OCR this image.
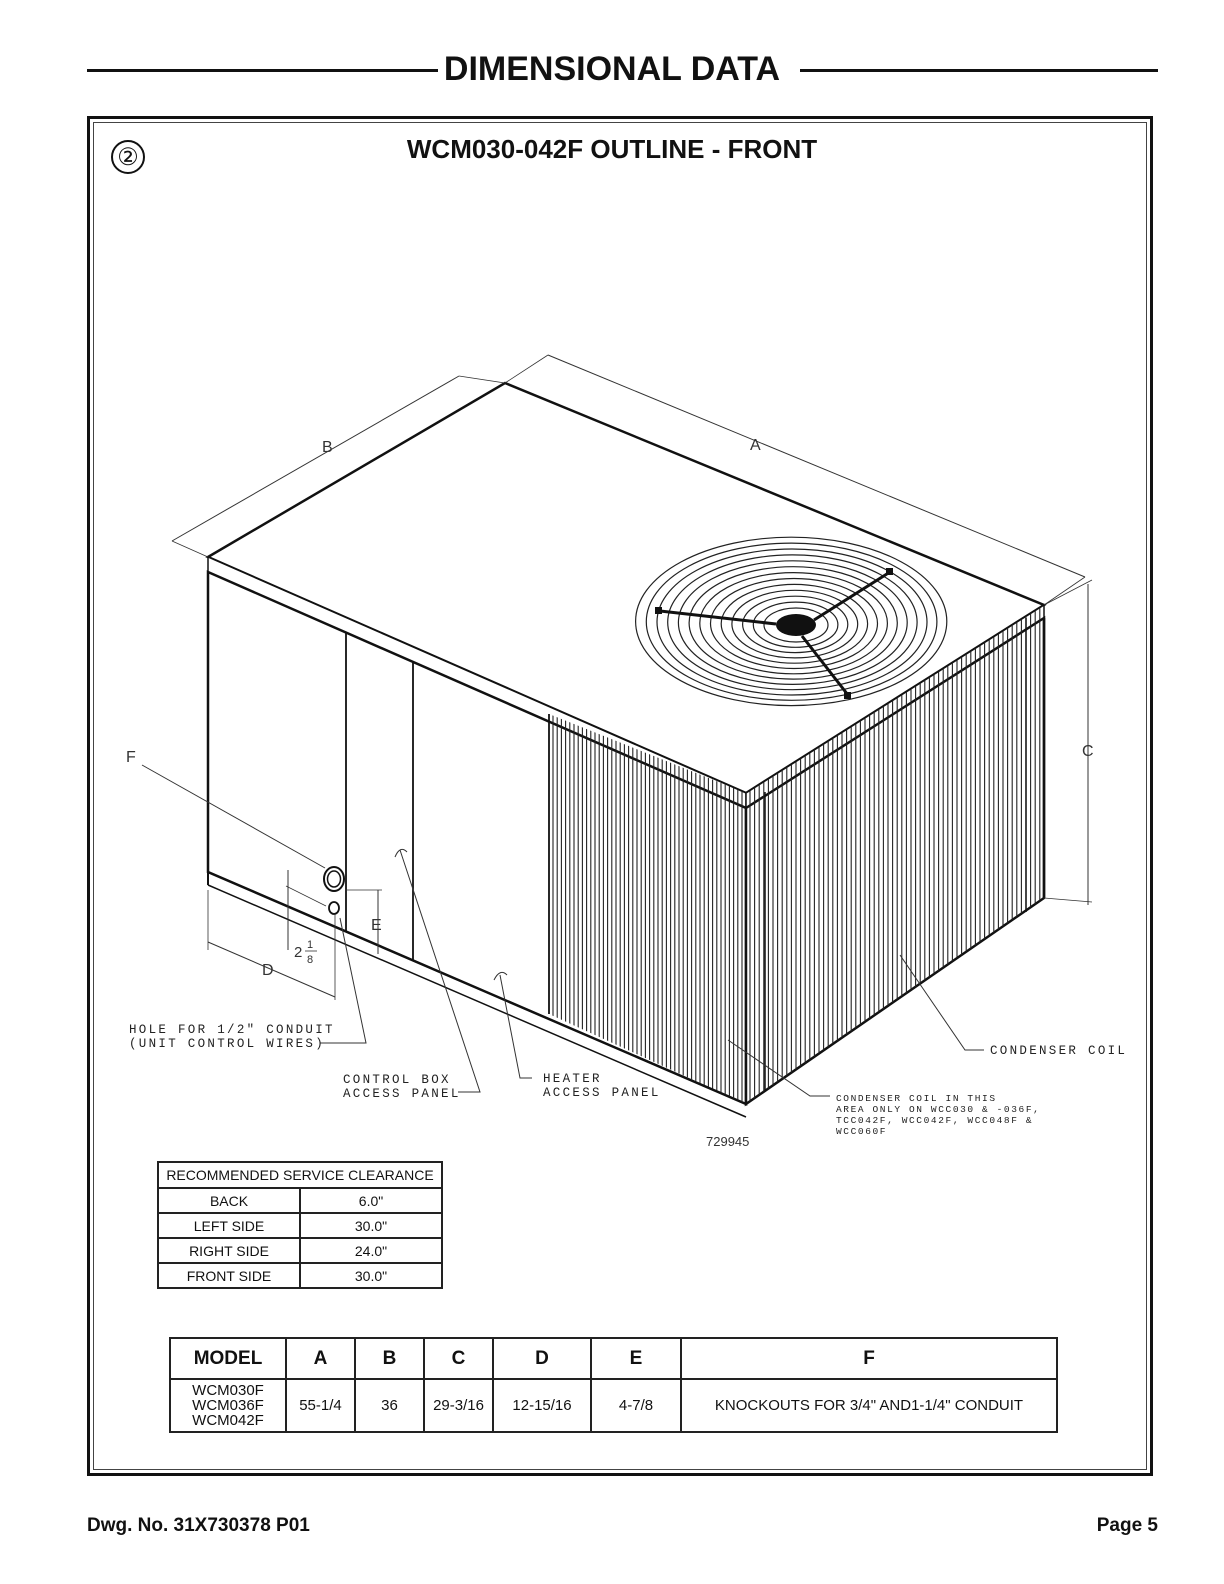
DIMENSIONAL DATA
②	WCM030-042F OUTLINE - FRONT
B	A
C
F
E
2 1
8
D
HOLE FOR 1/2" CONDUIT
(UNIT CONTROL WIRES)
CONTROL BOX
ACCESS PANEL
HEATER
ACCESS PANEL
CONDENSER COIL
CONDENSER COIL IN THIS
AREA ONLY ON WCC030 & -036F,
TCC042F, WCC042F, WCC048F &
WCC060F
729945
RECOMMENDED SERVICE CLEARANCE	
BACK	6.0"
LEFT SIDE	30.0"
RIGHT SIDE	24.0"
FRONT SIDE	30.0"
MODEL	A	B	C	D	E	F

WCM030F
WCM036F
WCM042F	55-1/4	36	29-3/16	12-15/16	4-7/8	KNOCKOUTS FOR 3/4" AND1-1/4" CONDUIT
Dwg. No. 31X730378 P01	Page 5
